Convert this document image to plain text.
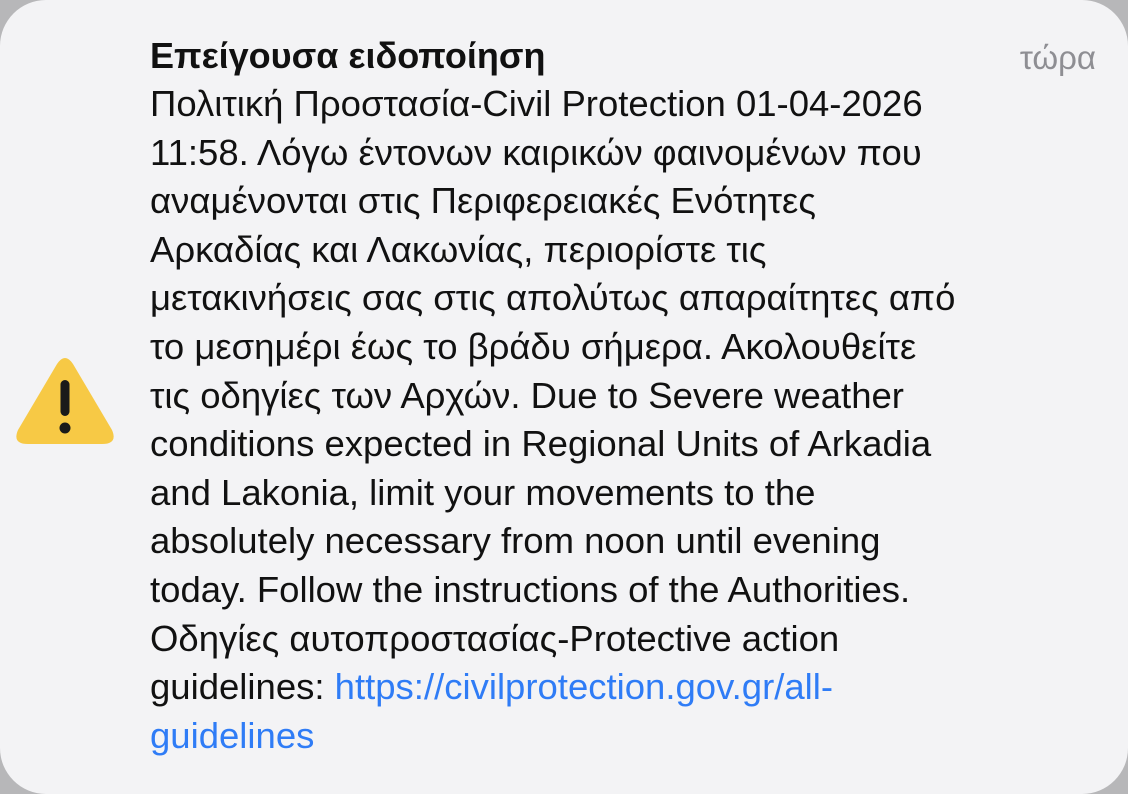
Επείγουσα ειδοποίηση	τώρα
Πολιτική Προστασία-Civil Protection 01-04-2026
11:58. Λόγω έντονων καιρικών φαινομένων που
αναμένονται στις Περιφερειακές Ενότητες
Αρκαδίας και Λακωνίας, περιορίστε τις
μετακινήσεις σας στις απολύτως απαραίτητες από
το μεσημέρι έως το βράδυ σήμερα. Ακολουθείτε
τις οδηγίες των Αρχών. Due to Severe weather
conditions expected in Regional Units of Arkadia
and Lakonia, limit your movements to the
absolutely necessary from noon until evening
today. Follow the instructions of the Authorities.
Οδηγίες αυτοπροστασίας-Protective action
guidelines: https://civilprotection.gov.gr/all-
guidelines
